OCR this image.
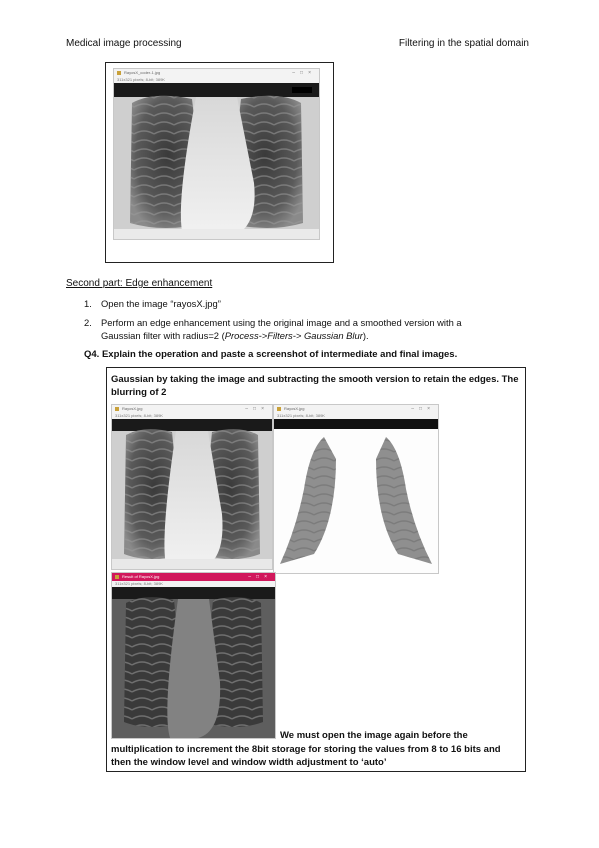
Medical image processing	Filtering in the spatial domain
RayosX_coder-1.jpg	–□×
311x321 pixels; 8-bit; 389K
Second part: Edge enhancement
1. Open the image “rayosX.jpg”
2. Perform an edge enhancement using the original image and a smoothed version with a Gaussian filter with radius=2 (Process->Filters-> Gaussian Blur).
Q4. Explain the operation and paste a screenshot of intermediate and final images.
Gaussian by taking the image and subtracting the smooth version to retain the edges. The blurring of 2
RayosX.jpg	–□×
311x321 pixels; 8-bit; 389K
RayosX.jpg	–□×
311x321 pixels; 8-bit; 389K
Result of RayosX.jpg	–□×
311x321 pixels; 8-bit; 389K
We must open the image again before the
multiplication to increment the 8bit storage for storing the values from 8 to 16 bits and then the window level and window width adjustment to ‘auto’
